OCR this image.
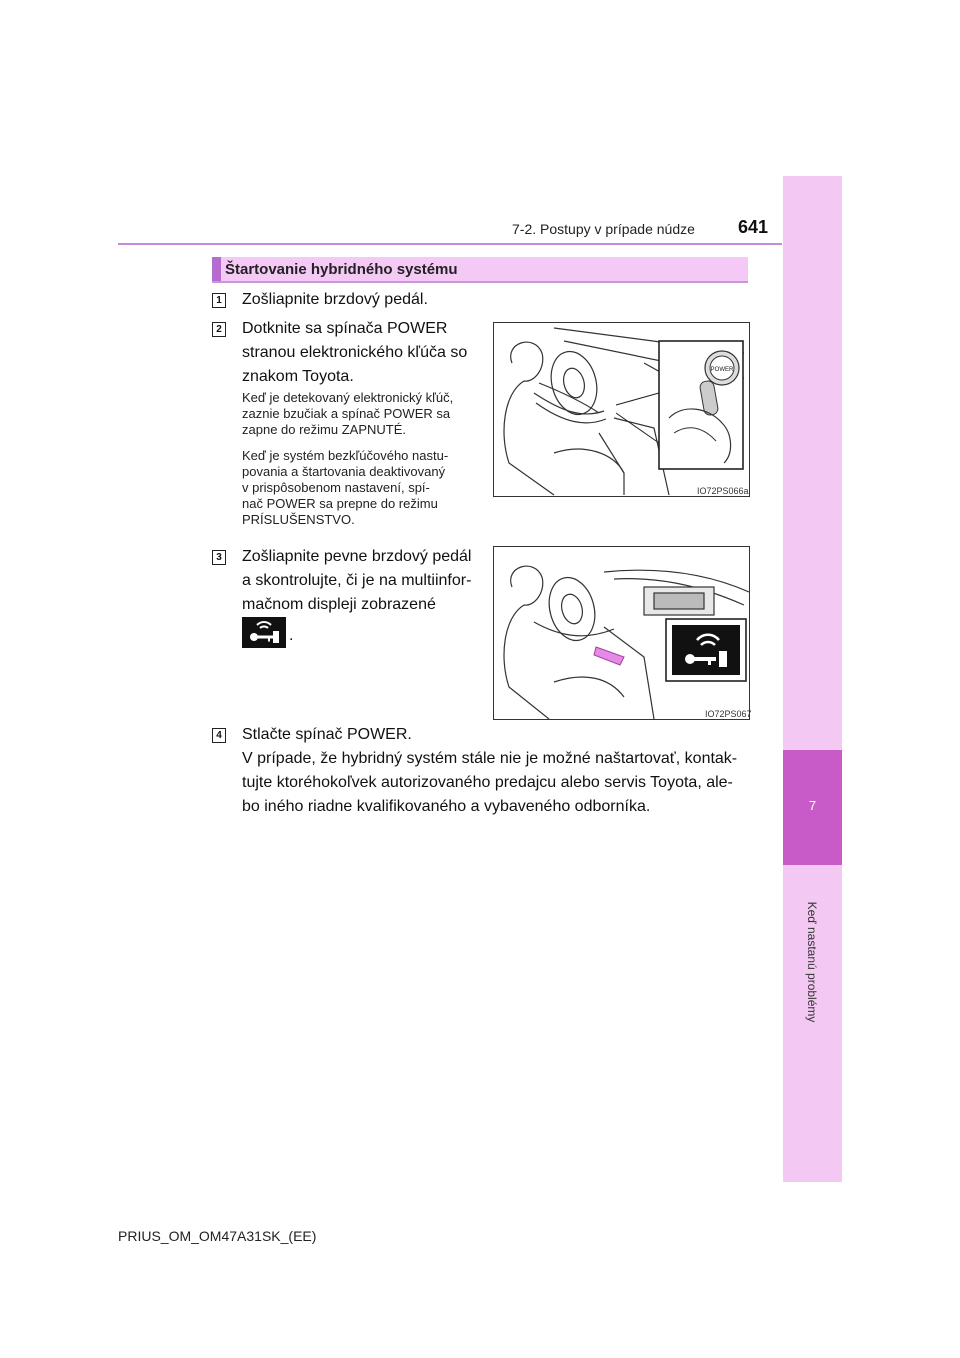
7
Keď nastanú problémy
7-2. Postupy v prípade núdze 641
Štartovanie hybridného systému
1 Zošliapnite brzdový pedál.
2 Dotknite sa spínača POWER
stranou elektronického kľúča so
znakom Toyota.
Keď je detekovaný elektronický kľúč,
zaznie bzučiak a spínač POWER sa
zapne do režimu ZAPNUTÉ.
Keď je systém bezkľúčového nastu-
povania a štartovania deaktivovaný
v prispôsobenom nastavení, spí-
nač POWER sa prepne do režimu
PRÍSLUŠENSTVO.
POWER
IO72PS066a
3 Zošliapnite pevne brzdový pedál
a skontrolujte, či je na multiinfor-
mačnom displeji zobrazené
.
IO72PS067
4 Stlačte spínač POWER.
V prípade, že hybridný systém stále nie je možné naštartovať, kontak-
tujte ktoréhokoľvek autorizovaného predajcu alebo servis Toyota, ale-
bo iného riadne kvalifikovaného a vybaveného odborníka.
PRIUS_OM_OM47A31SK_(EE)
